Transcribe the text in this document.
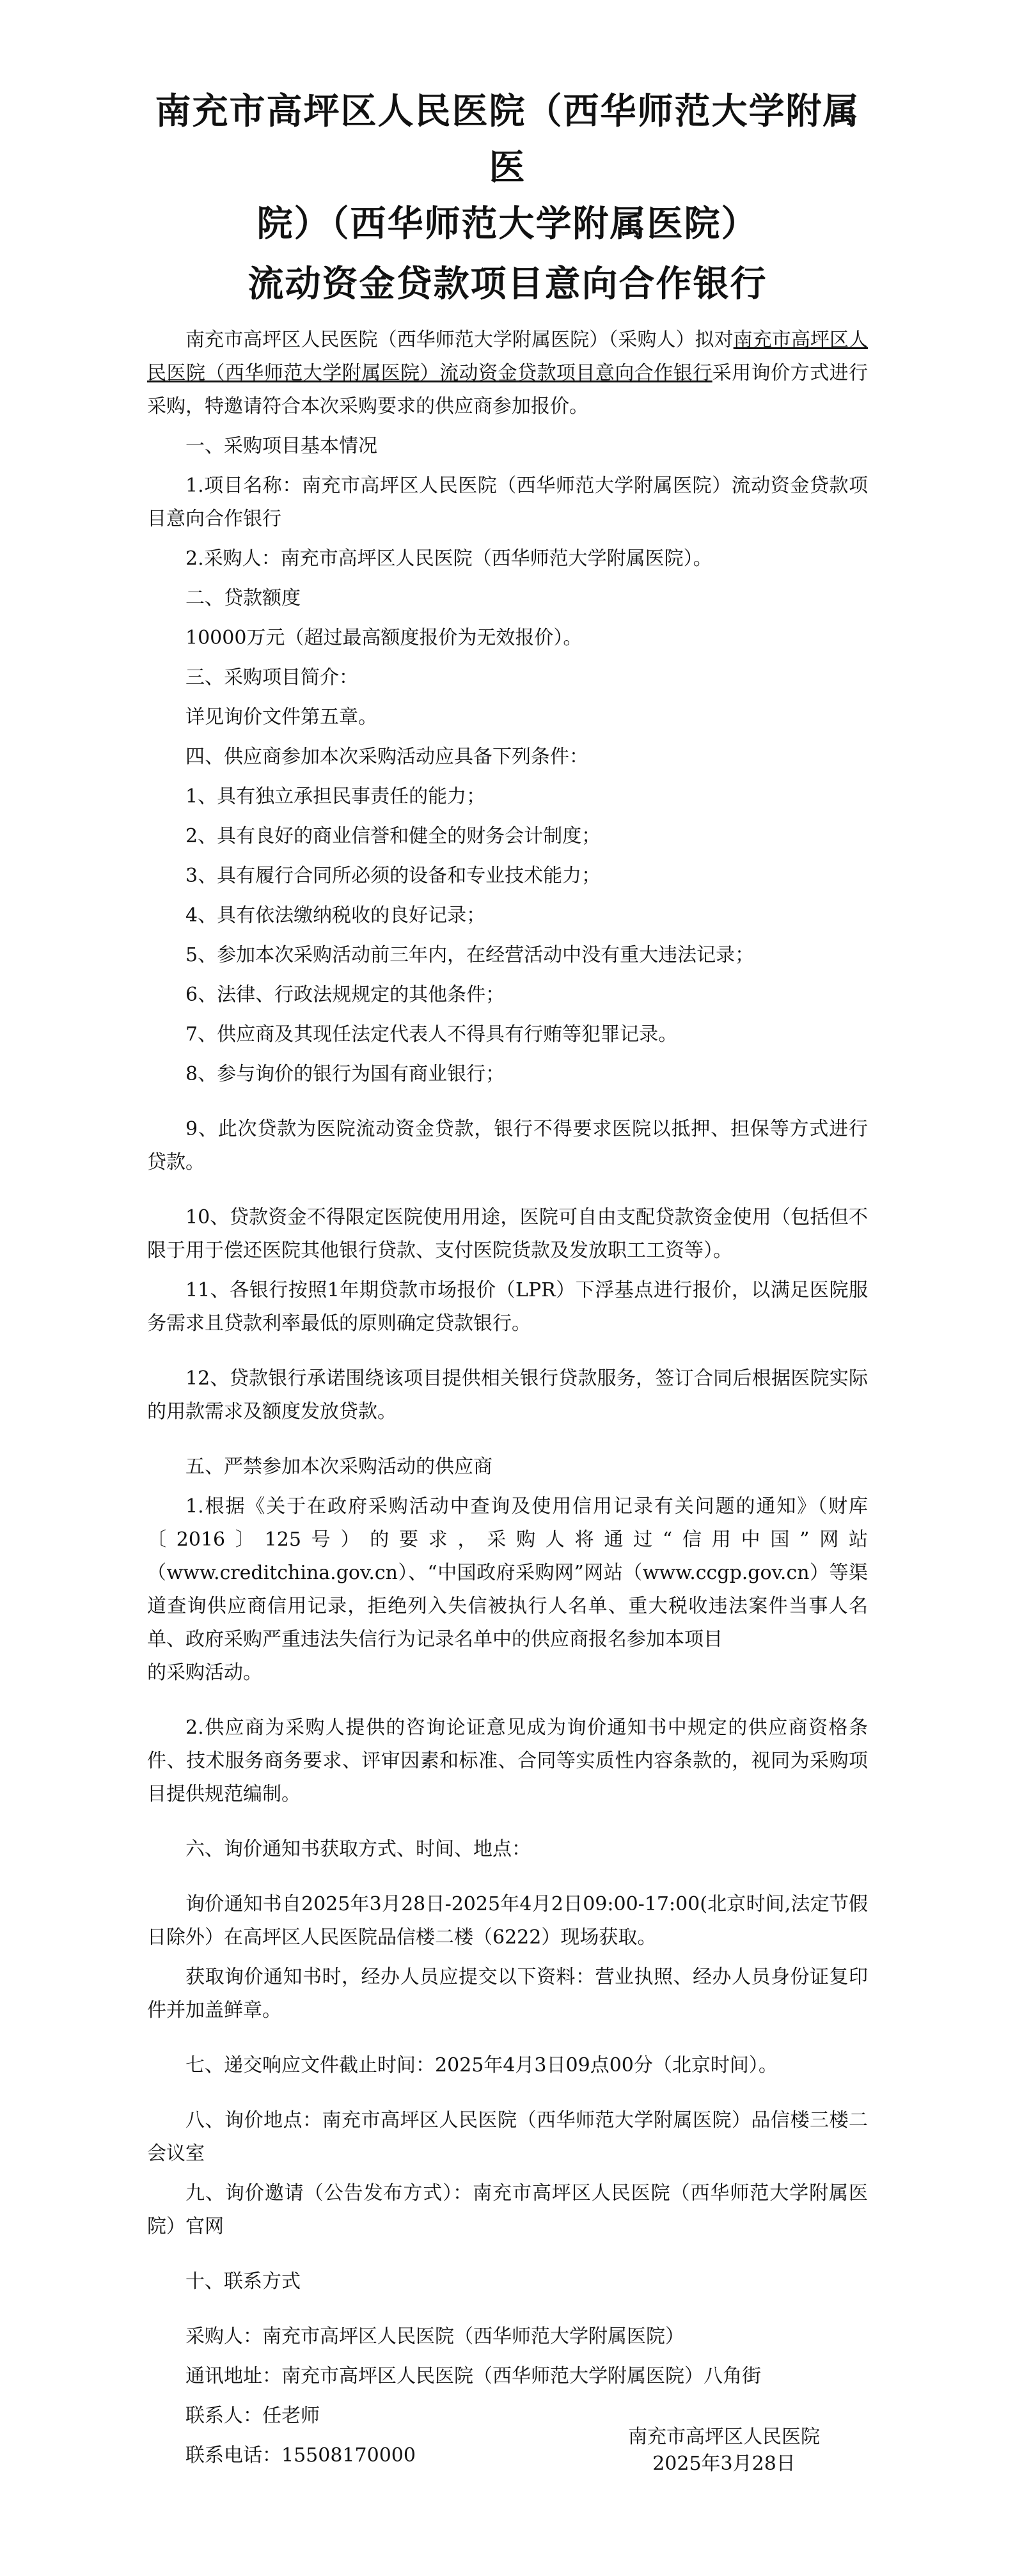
南充市高坪区人民医院（西华师范大学附属医
院）（西华师范大学附属医院）
流动资金贷款项目意向合作银行

南充市高坪区人民医院（西华师范大学附属医院）（采购人）拟对南充市高坪区人民医院（西华师范大学附属医院）流动资金贷款项目意向合作银行采用询价方式进行采购，特邀请符合本次采购要求的供应商参加报价。

一、采购项目基本情况

1.项目名称：南充市高坪区人民医院（西华师范大学附属医院）流动资金贷款项目意向合作银行

2.采购人：南充市高坪区人民医院（西华师范大学附属医院）。

二、贷款额度

10000万元（超过最高额度报价为无效报价）。

三、采购项目简介：

详见询价文件第五章。

四、供应商参加本次采购活动应具备下列条件：

1、具有独立承担民事责任的能力；

2、具有良好的商业信誉和健全的财务会计制度；

3、具有履行合同所必须的设备和专业技术能力；

4、具有依法缴纳税收的良好记录；

5、参加本次采购活动前三年内，在经营活动中没有重大违法记录；

6、法律、行政法规规定的其他条件；

7、供应商及其现任法定代表人不得具有行贿等犯罪记录。

8、参与询价的银行为国有商业银行；

9、此次贷款为医院流动资金贷款，银行不得要求医院以抵押、担保等方式进行贷款。

10、贷款资金不得限定医院使用用途，医院可自由支配贷款资金使用（包括但不限于用于偿还医院其他银行贷款、支付医院货款及发放职工工资等）。

11、各银行按照1年期贷款市场报价（LPR）下浮基点进行报价，以满足医院服务需求且贷款利率最低的原则确定贷款银行。

12、贷款银行承诺围绕该项目提供相关银行贷款服务，签订合同后根据医院实际的用款需求及额度发放贷款。

五、严禁参加本次采购活动的供应商

1.根据《关于在政府采购活动中查询及使用信用记录有关问题的通知》（财库〔2016〕125号）的要求，采购人将通过“信用中国”网站（www.creditchina.gov.cn）、“中国政府采购网”网站（www.ccgp.gov.cn）等渠道查询供应商信用记录，拒绝列入失信被执行人名单、重大税收违法案件当事人名单、政府采购严重违法失信行为记录名单中的供应商报名参加本项目

的采购活动。

2.供应商为采购人提供的咨询论证意见成为询价通知书中规定的供应商资格条件、技术服务商务要求、评审因素和标准、合同等实质性内容条款的，视同为采购项目提供规范编制。

六、询价通知书获取方式、时间、地点：

询价通知书自2025年3月28日-2025年4月2日09:00-17:00(北京时间,法定节假日除外）在高坪区人民医院品信楼二楼（6222）现场获取。

获取询价通知书时，经办人员应提交以下资料：营业执照、经办人员身份证复印件并加盖鲜章。

七、递交响应文件截止时间：2025年4月3日09点00分（北京时间）。

八、询价地点：南充市高坪区人民医院（西华师范大学附属医院）品信楼三楼二会议室

九、询价邀请（公告发布方式）：南充市高坪区人民医院（西华师范大学附属医院）官网

十、联系方式

采购人：南充市高坪区人民医院（西华师范大学附属医院）

通讯地址：南充市高坪区人民医院（西华师范大学附属医院）八角街

联系人：任老师

联系电话：15508170000

南充市高坪区人民医院
2025年3月28日
